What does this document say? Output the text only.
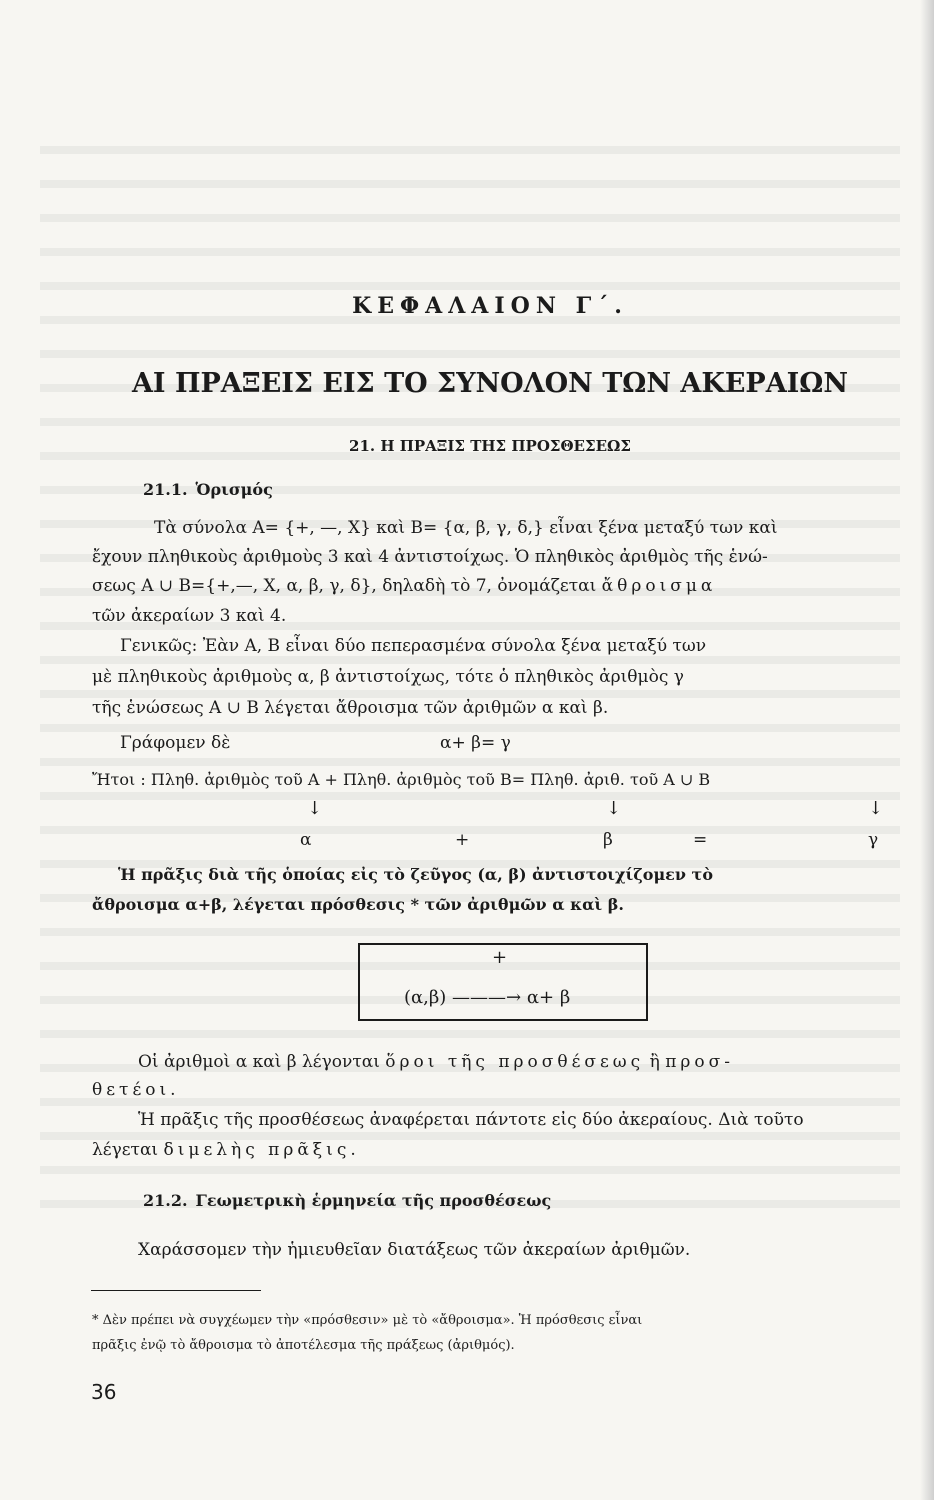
ΚΕΦΑΛΑΙΟΝ Γ΄.
ΑΙ ΠΡΑΞΕΙΣ ΕΙΣ ΤΟ ΣΥΝΟΛΟΝ ΤΩΝ ΑΚΕΡΑΙΩΝ
21. Η ΠΡΑΞΙΣ ΤΗΣ ΠΡΟΣΘΕΣΕΩΣ
21.1. Ὁρισμός
Τὰ σύνολα Α= {+, —, Χ} καὶ Β= {α, β, γ, δ,} εἶναι ξένα μεταξύ των καὶ
ἔχουν πληθικοὺς ἀριθμοὺς 3 καὶ 4 ἀντιστοίχως. Ὁ πληθικὸς ἀριθμὸς τῆς ἑνώ-
σεως Α ∪ Β={+,—, Χ, α, β, γ, δ}, δηλαδὴ τὸ 7, ὀνομάζεται ἄθροισμα
τῶν ἀκεραίων 3 καὶ 4.
Γενικῶς: Ἐὰν Α, Β εἶναι δύο πεπερασμένα σύνολα ξένα μεταξύ των
μὲ πληθικοὺς ἀριθμοὺς α, β ἀντιστοίχως, τότε ὁ πληθικὸς ἀριθμὸς γ
τῆς ἑνώσεως Α ∪ Β λέγεται ἄθροισμα τῶν ἀριθμῶν α καὶ β.
Γράφομεν δὲ	α+ β= γ
Ἤτοι : Πληθ. ἀριθμὸς τοῦ Α + Πληθ. ἀριθμὸς τοῦ Β= Πληθ. ἀριθ. τοῦ Α ∪ Β
↓	↓	↓
α	+	β	=	γ
Ἡ πρᾶξις διὰ τῆς ὁποίας εἰς τὸ ζεῦγος (α, β) ἀντιστοιχίζομεν τὸ
ἄθροισμα α+β, λέγεται πρόσθεσις * τῶν ἀριθμῶν α καὶ β.
+
(α,β) ———→ α+ β
Οἱ ἀριθμοὶ α καὶ β λέγονται ὅροι τῆς προσθέσεως ἢ προσ-
θετέοι.
Ἡ πρᾶξις τῆς προσθέσεως ἀναφέρεται πάντοτε εἰς δύο ἀκεραίους. Διὰ τοῦτο
λέγεται διμελὴς πρᾶξις.
21.2. Γεωμετρικὴ ἑρμηνεία τῆς προσθέσεως
Χαράσσομεν τὴν ἡμιευθεῖαν διατάξεως τῶν ἀκεραίων ἀριθμῶν.
* Δὲν πρέπει νὰ συγχέωμεν τὴν «πρόσθεσιν» μὲ τὸ «ἄθροισμα». Ἡ πρόσθεσις εἶναι
πρᾶξις ἐνῷ τὸ ἄθροισμα τὸ ἀποτέλεσμα τῆς πράξεως (ἀριθμός).
36
